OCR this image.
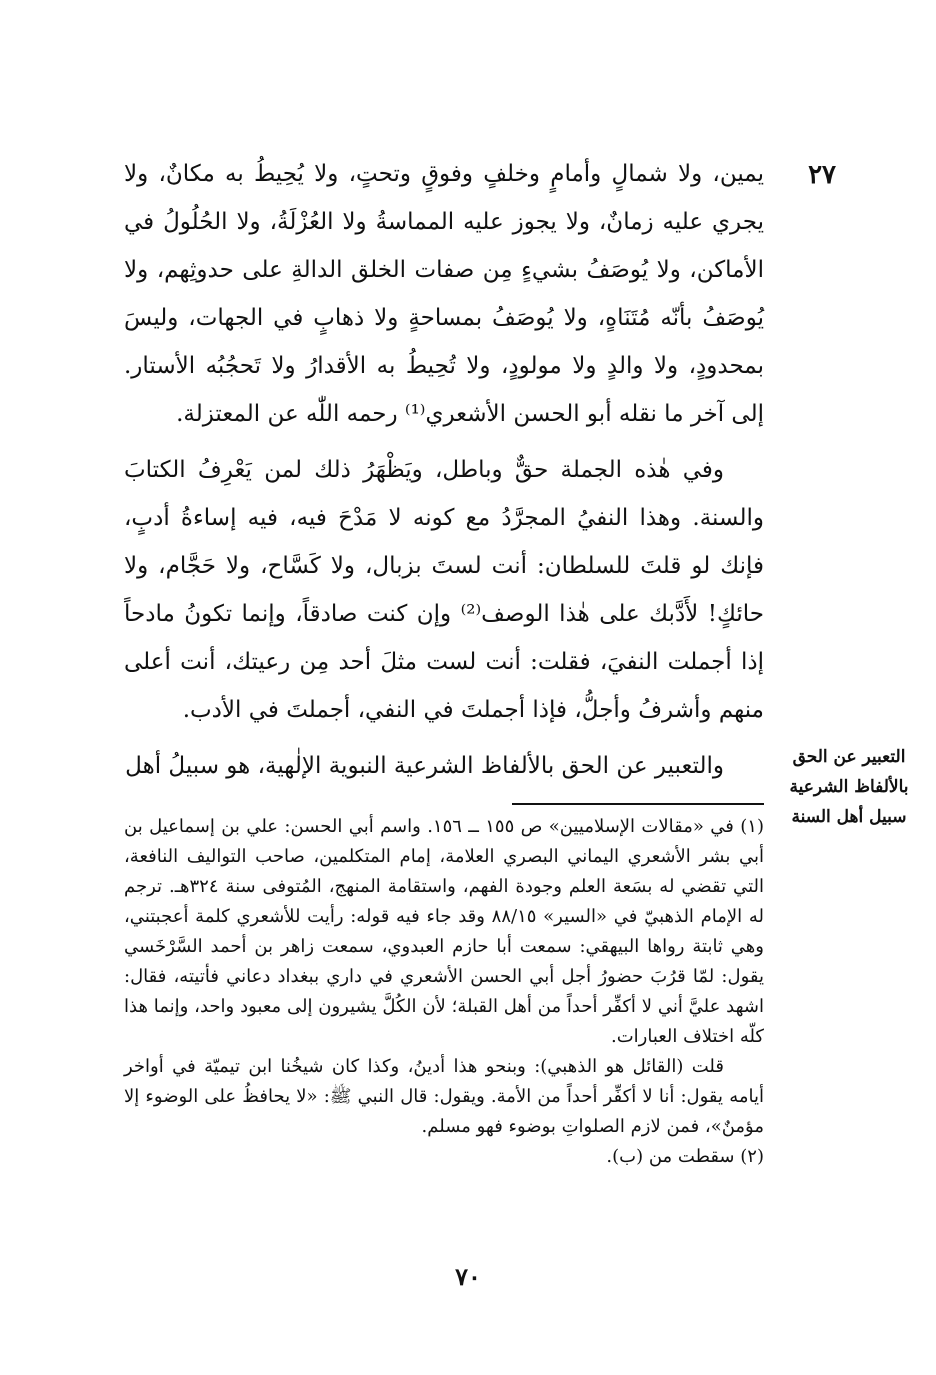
٢٧

يمين، ولا شمالٍ وأمامٍ وخلفٍ وفوقٍ وتحتٍ، ولا يُحِيطُ به مكانٌ، ولا يجري عليه زمانٌ، ولا يجوز عليه المماسةُ ولا العُزْلَةُ، ولا الحُلُولُ في الأماكن، ولا يُوصَفُ بشيءٍ مِن صفات الخلق الدالةِ على حدوثِهم، ولا يُوصَفُ بأنّه مُتَنَاهٍ، ولا يُوصَفُ بمساحةٍ ولا ذهابٍ في الجهات، وليسَ بمحدودٍ، ولا والدٍ ولا مولودٍ، ولا تُحِيطُ به الأقدارُ ولا تَحجُبُه الأستار. إلى آخر ما نقله أبو الحسن الأشعري⁽¹⁾ رحمه اللّٰه عن المعتزلة.

وفي هٰذه الجملة حقٌّ وباطل، ويَظْهَرُ ذلك لمن يَعْرِفُ الكتابَ والسنة. وهذا النفيُ المجرَّدُ مع كونه لا مَدْحَ فيه، فيه إساءةُ أدبٍ، فإنك لو قلتَ للسلطان: أنت لستَ بزبال، ولا كَسَّاح، ولا حَجَّام، ولا حائكٍ! لأَدَّبك على هٰذا الوصف⁽²⁾ وإن كنت صادقاً، وإنما تكونُ مادحاً إذا أجملت النفيَ، فقلت: أنت لست مثلَ أحد مِن رعيتك، أنت أعلى منهم وأشرفُ وأجلُّ، فإذا أجملتَ في النفي، أجملتَ في الأدب.

والتعبير عن الحق بالألفاظ الشرعية النبوية الإلٰهية، هو سبيلُ أهل	التعبير عن الحق
بالألفاظ الشرعية
سبيل أهل السنة

(١) في «مقالات الإسلاميين» ص ١٥٥ ــ ١٥٦. واسم أبي الحسن: علي بن إسماعيل بن أبي بشر الأشعري اليماني البصري العلامة، إمام المتكلمين، صاحب التواليف النافعة، التي تقضي له بسَعة العلم وجودة الفهم، واستقامة المنهج، المُتوفى سنة ٣٢٤هـ. ترجم له الإمام الذهبيّ في «السير» ٨٨/١٥ وقد جاء فيه قوله: رأيت للأشعري كلمة أعجبتني، وهي ثابتة رواها البيهقي: سمعت أبا حازم العبدوي، سمعت زاهر بن أحمد السَّرْخَسي يقول: لمّا قرُبَ حضورُ أجل أبي الحسن الأشعري في داري ببغداد دعاني فأتيته، فقال: اشهد عليَّ أني لا أكفِّر أحداً من أهل القبلة؛ لأن الكُلَّ يشيرون إلى معبود واحد، وإنما هذا كلّه اختلاف العبارات.

قلت (القائل هو الذهبي): وبنحو هذا أدينُ، وكذا كان شيخُنا ابن تيميّة في أواخر أيامه يقول: أنا لا أكفِّر أحداً من الأمة. ويقول: قال النبي ﷺ: «لا يحافظُ على الوضوء إلا مؤمنٌ»، فمن لازم الصلواتِ بوضوء فهو مسلم.

(٢) سقطت من (ب).

٧٠
